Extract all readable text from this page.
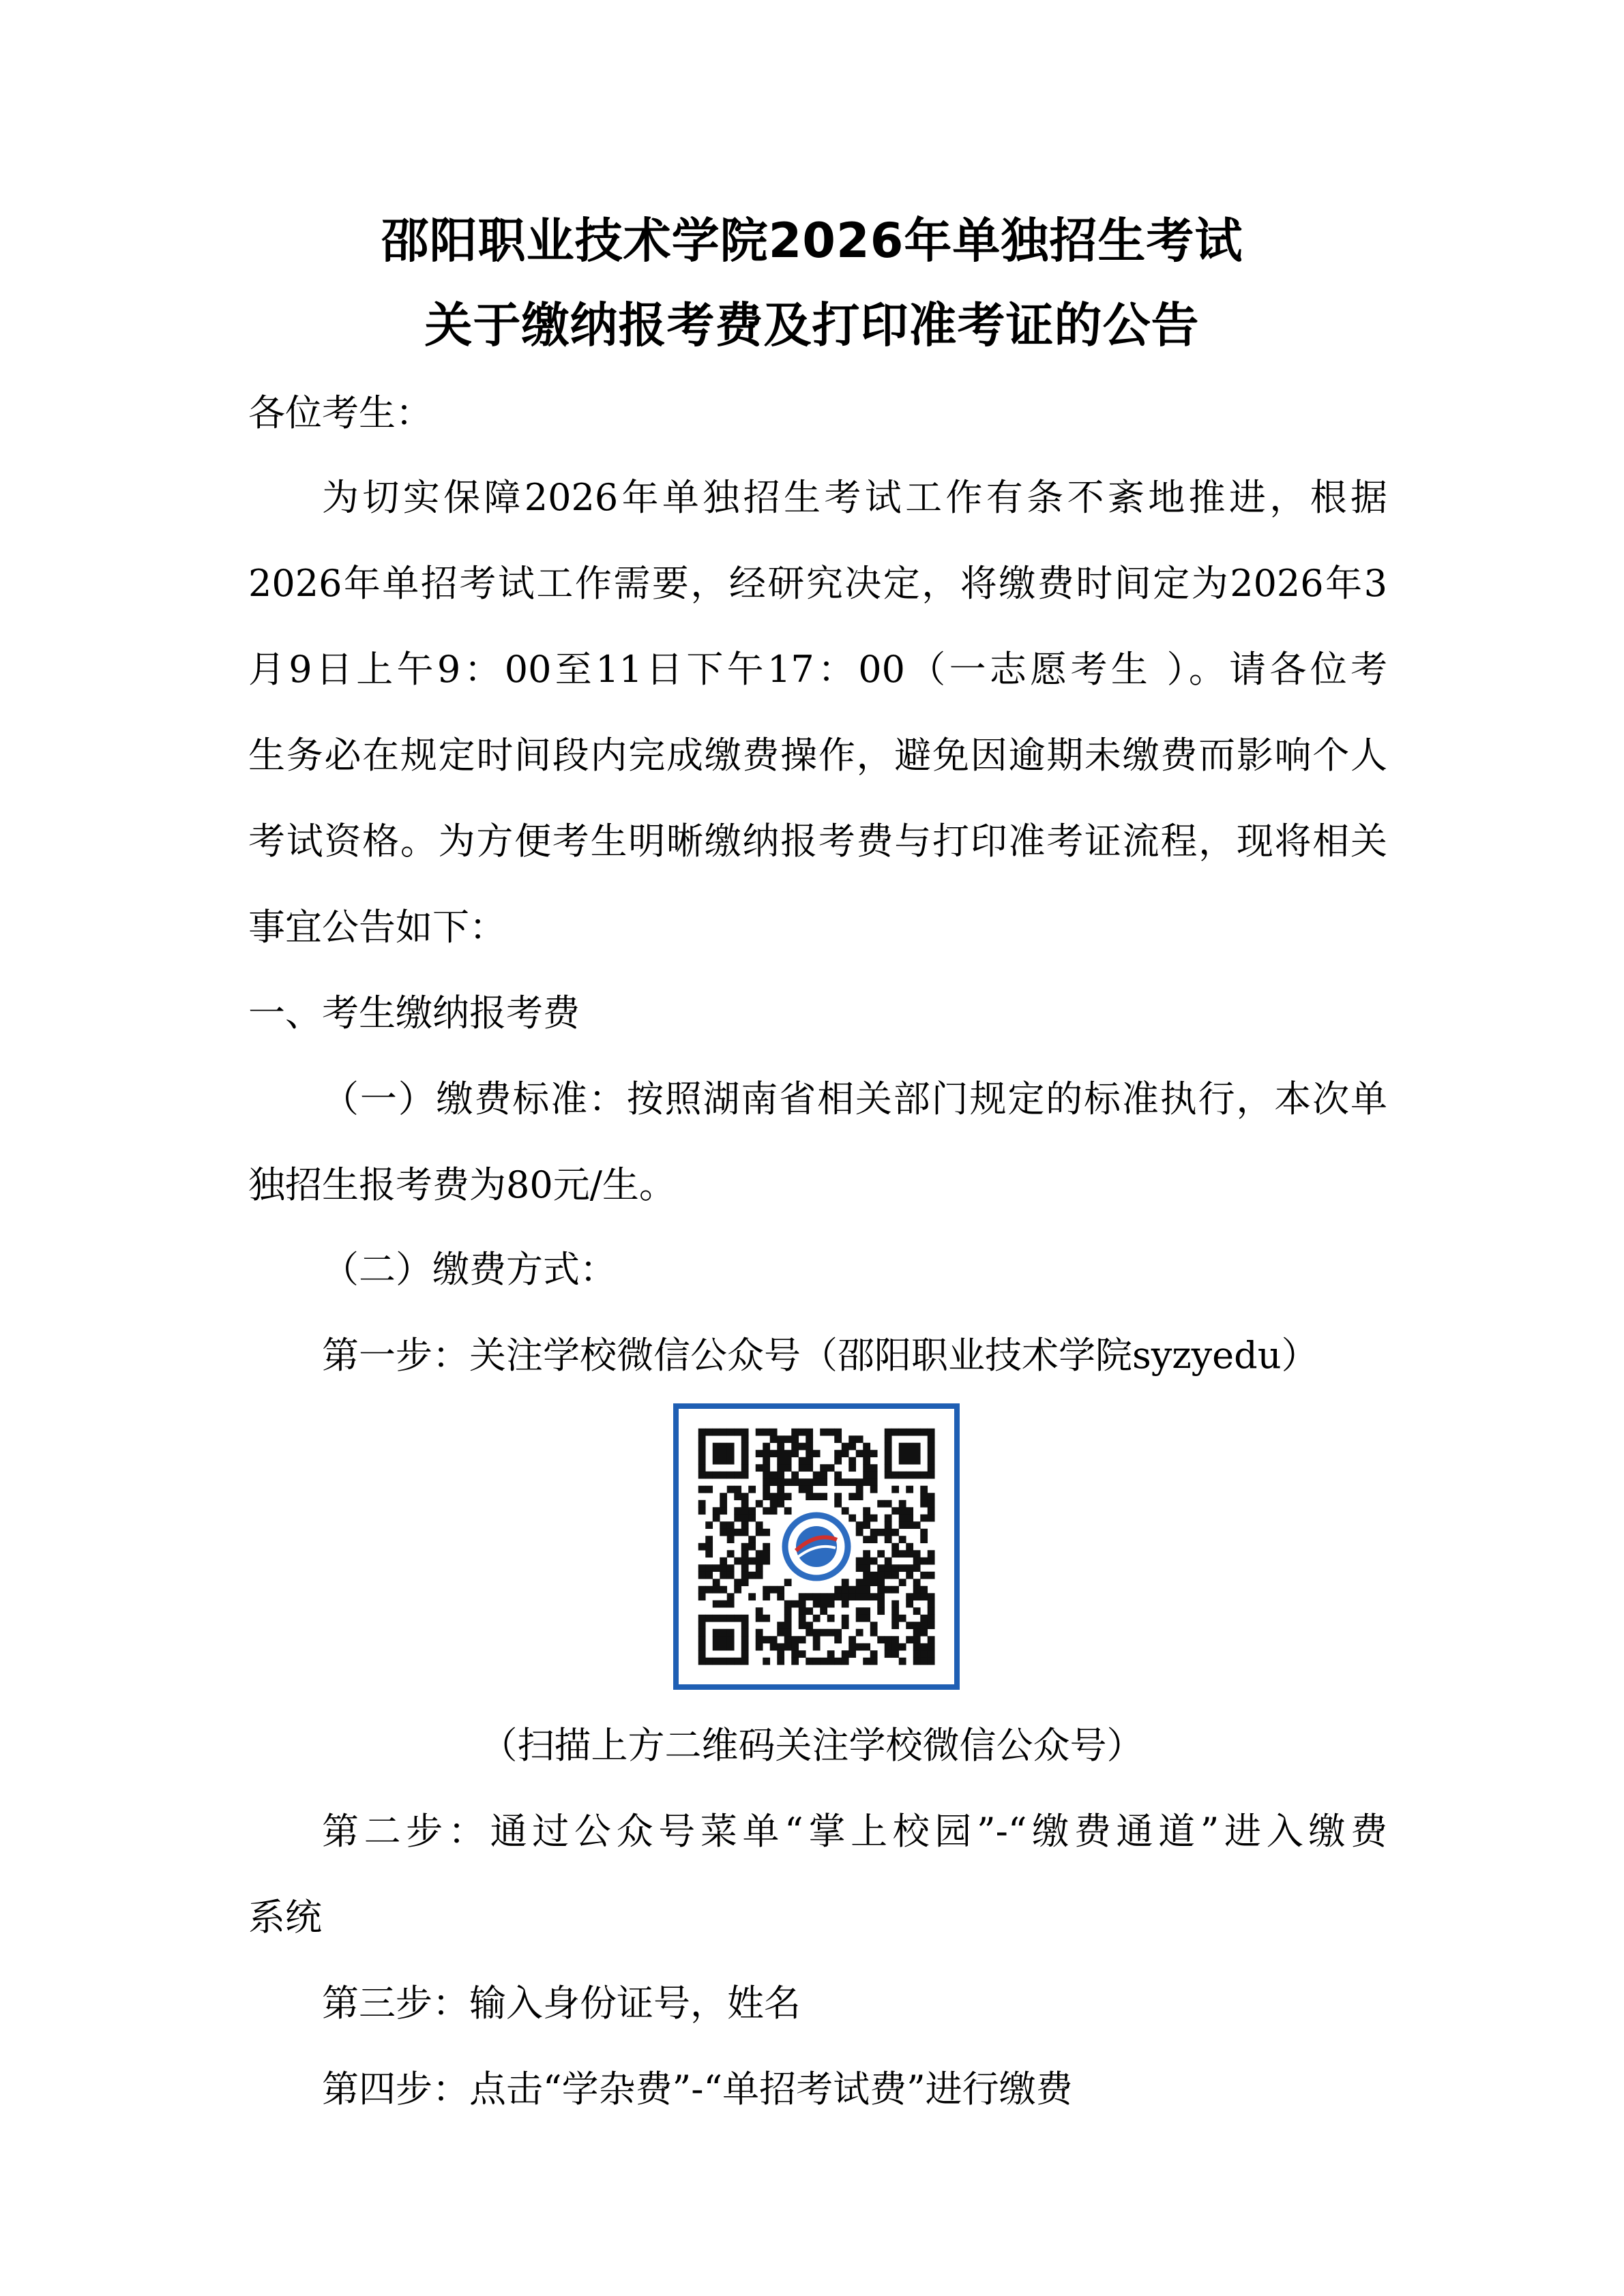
邵阳职业技术学院2026年单独招生考试
关于缴纳报考费及打印准考证的公告
各位考生：
为切实保障2026年单独招生考试工作有条不紊地推进，根据
2026年单招考试工作需要，经研究决定，将缴费时间定为2026年3
月9日上午9：00至11日下午17：00（一志愿考生 ）。请各位考
生务必在规定时间段内完成缴费操作，避免因逾期未缴费而影响个人
考试资格。为方便考生明晰缴纳报考费与打印准考证流程，现将相关
事宜公告如下：
一、考生缴纳报考费
（一）缴费标准：按照湖南省相关部门规定的标准执行，本次单
独招生报考费为80元/生。
（二）缴费方式：
第一步：关注学校微信公众号（邵阳职业技术学院syzyedu）
（扫描上方二维码关注学校微信公众号）
第二步：通过公众号菜单“掌上校园”-“缴费通道”进入缴费
系统
第三步：输入身份证号，姓名
第四步：点击“学杂费”-“单招考试费”进行缴费
